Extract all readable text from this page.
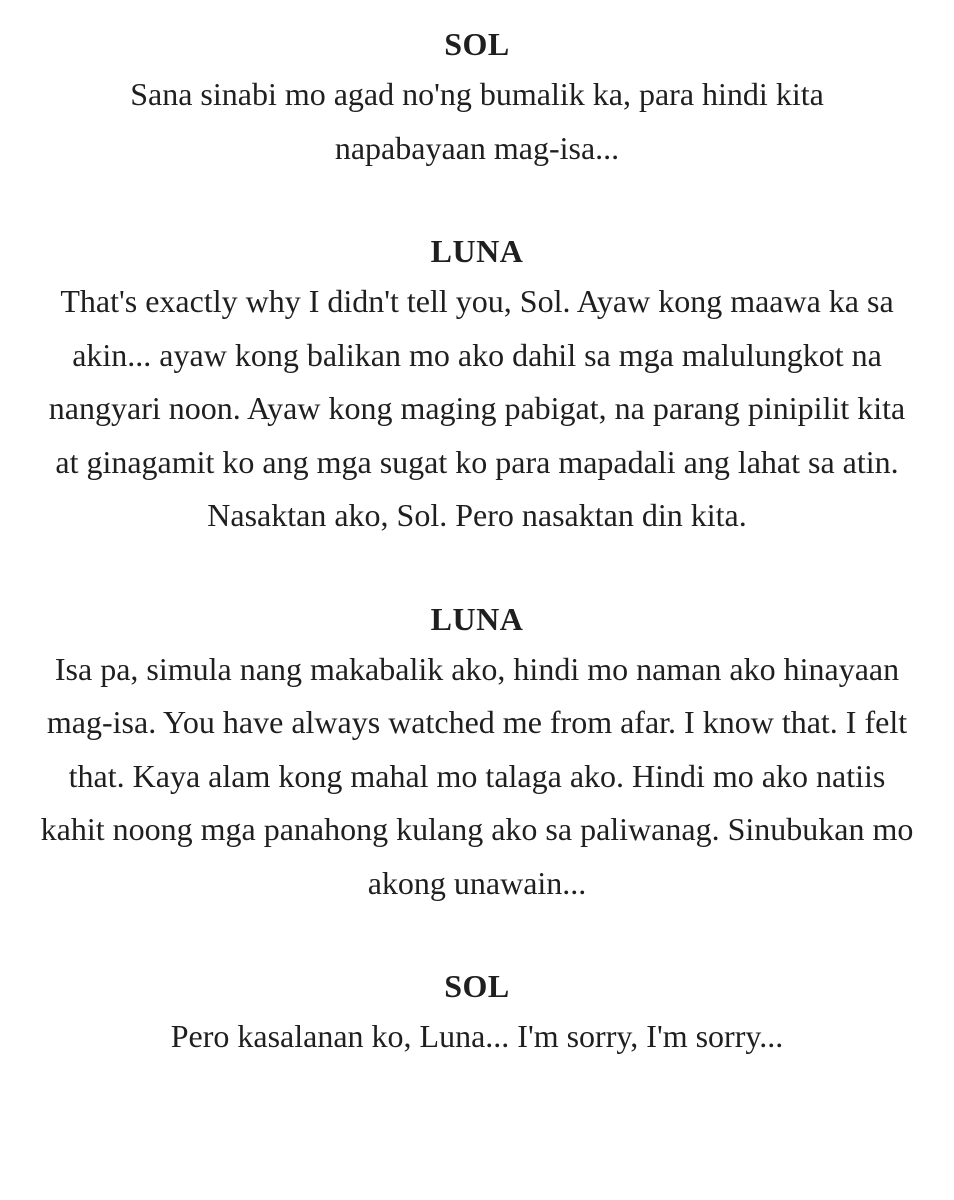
SOL

Sana sinabi mo agad no'ng bumalik ka, para hindi kita napabayaan mag-isa...

LUNA

That's exactly why I didn't tell you, Sol. Ayaw kong maawa ka sa akin... ayaw kong balikan mo ako dahil sa mga malulungkot na nangyari noon. Ayaw kong maging pabigat, na parang pinipilit kita at ginagamit ko ang mga sugat ko para mapadali ang lahat sa atin. Nasaktan ako, Sol. Pero nasaktan din kita.

LUNA

Isa pa, simula nang makabalik ako, hindi mo naman ako hinayaan mag-isa. You have always watched me from afar. I know that. I felt that. Kaya alam kong mahal mo talaga ako. Hindi mo ako natiis kahit noong mga panahong kulang ako sa paliwanag. Sinubukan mo akong unawain...

SOL

Pero kasalanan ko, Luna... I'm sorry, I'm sorry...
